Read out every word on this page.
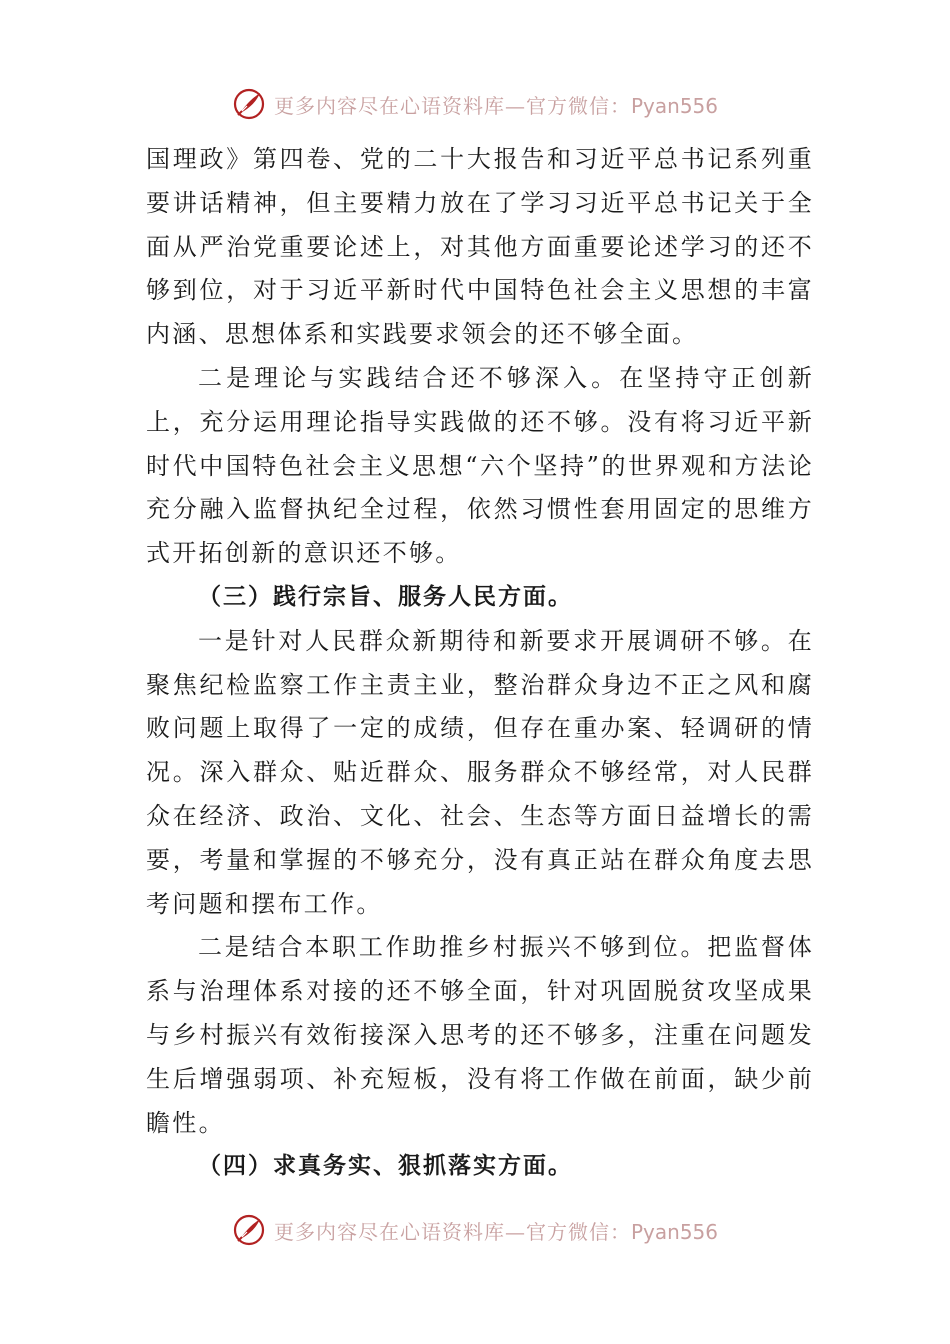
更多内容尽在心语资料库—官方微信：Pyan556

国理政》第四卷、党的二十大报告和习近平总书记系列重要讲话精神，但主要精力放在了学习习近平总书记关于全面从严治党重要论述上，对其他方面重要论述学习的还不够到位，对于习近平新时代中国特色社会主义思想的丰富内涵、思想体系和实践要求领会的还不够全面。

二是理论与实践结合还不够深入。在坚持守正创新上，充分运用理论指导实践做的还不够。没有将习近平新时代中国特色社会主义思想“六个坚持”的世界观和方法论充分融入监督执纪全过程，依然习惯性套用固定的思维方式开拓创新的意识还不够。

（三）践行宗旨、服务人民方面。

一是针对人民群众新期待和新要求开展调研不够。在聚焦纪检监察工作主责主业，整治群众身边不正之风和腐败问题上取得了一定的成绩，但存在重办案、轻调研的情况。深入群众、贴近群众、服务群众不够经常，对人民群众在经济、政治、文化、社会、生态等方面日益增长的需要，考量和掌握的不够充分，没有真正站在群众角度去思考问题和摆布工作。

二是结合本职工作助推乡村振兴不够到位。把监督体系与治理体系对接的还不够全面，针对巩固脱贫攻坚成果与乡村振兴有效衔接深入思考的还不够多，注重在问题发生后增强弱项、补充短板，没有将工作做在前面，缺少前瞻性。

（四）求真务实、狠抓落实方面。

更多内容尽在心语资料库—官方微信：Pyan556
